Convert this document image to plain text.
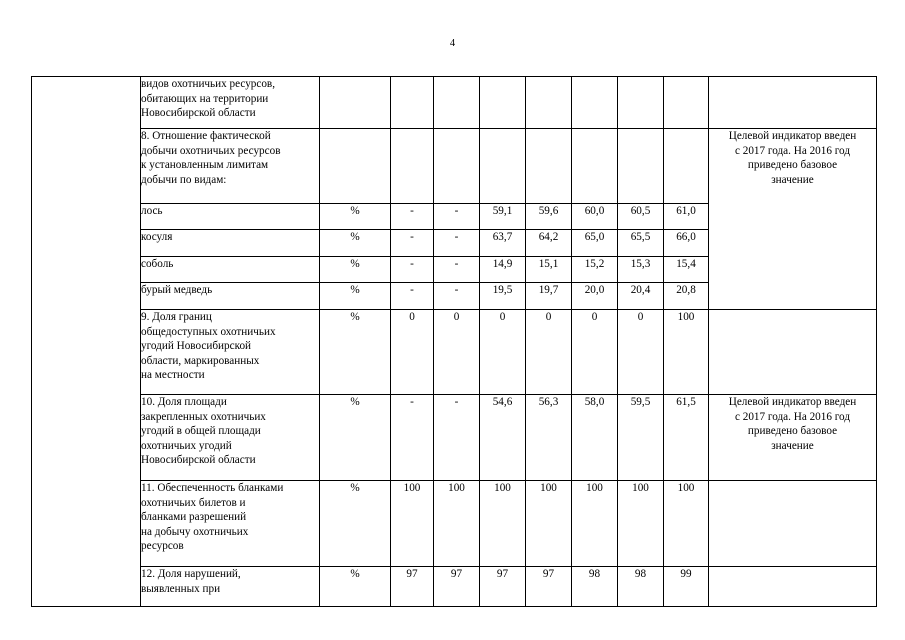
4
	видов охотничьих ресурсов,
обитающих на территории
Новосибирской области									
	8. Отношение фактической
добычи охотничьих ресурсов
к установленным лимитам
добычи по видам:									Целевой индикатор введен
с 2017 года. На 2016 год
приведено базовое
значение
	лось	%	-	-	59,1	59,6	60,0	60,5	61,0	
	косуля	%	-	-	63,7	64,2	65,0	65,5	66,0	
	соболь	%	-	-	14,9	15,1	15,2	15,3	15,4	
	бурый медведь	%	-	-	19,5	19,7	20,0	20,4	20,8	
	9. Доля границ
общедоступных охотничьих
угодий Новосибирской
области, маркированных
на местности	%	0	0	0	0	0	0	100	
	10. Доля площади
закрепленных охотничьих
угодий в общей площади
охотничьих угодий
Новосибирской области	%	-	-	54,6	56,3	58,0	59,5	61,5	Целевой индикатор введен
с 2017 года. На 2016 год
приведено базовое
значение
	11. Обеспеченность бланками
охотничьих билетов и
бланками разрешений
на добычу охотничьих
ресурсов	%	100	100	100	100	100	100	100	
	12. Доля нарушений,
выявленных при	%	97	97	97	97	98	98	99	
